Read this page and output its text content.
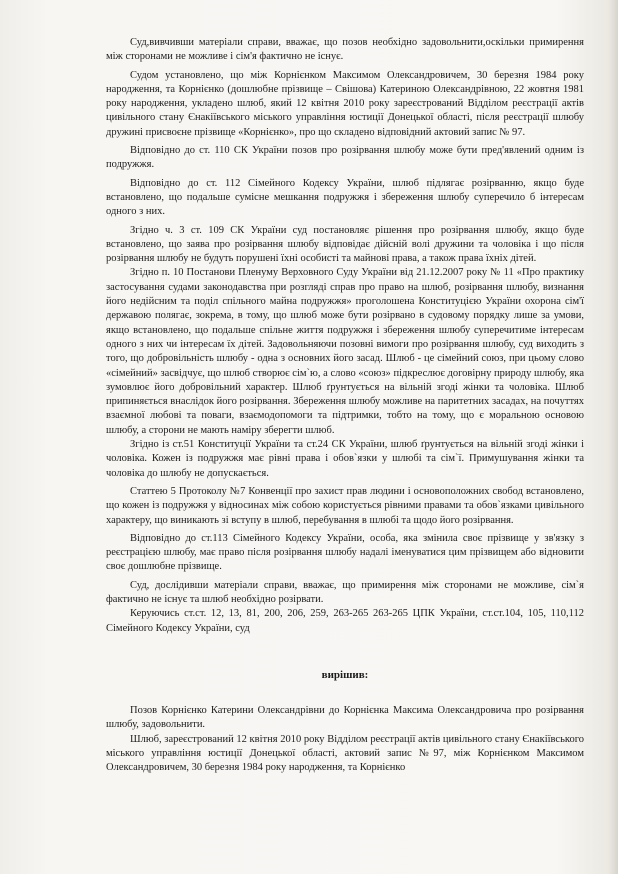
Суд,вивчивши матеріали справи, вважає, що позов необхідно задовольнити,оскільки примирення між сторонами не можливе і сім'я фактично не існує.

Судом установлено, що між Корнієнком Максимом Олександровичем, 30 березня 1984 року народження, та Корнієнко (дошлюбне прізвище – Свішова) Катериною Олександрівною, 22 жовтня 1981 року народження, укладено шлюб, який 12 квітня 2010 року зареєстрований Відділом реєстрації актів цивільного стану Єнакіївського міського управління юстиції Донецької області, після реєстрації шлюбу дружині присвоєне прізвище «Корнієнко», про що складено відповідний актовий запис № 97.

Відповідно до ст. 110 СК України позов про розірвання шлюбу може бути пред'явлений одним із подружжя.

Відповідно до ст. 112 Сімейного Кодексу України, шлюб підлягає розірванню, якщо буде встановлено, що подальше сумісне мешкання подружжя і збереження шлюбу суперечило б інтересам одного з них.

Згідно ч. 3 ст. 109 СК України суд постановляє рішення про розірвання шлюбу, якщо буде встановлено, що заява про розірвання шлюбу відповідає дійсній волі дружини та чоловіка і що після розірвання шлюбу не будуть порушені їхні особисті та майнові права, а також права їхніх дітей.

Згідно п. 10 Постанови Пленуму Верховного Суду України від 21.12.2007 року № 11 «Про практику застосування судами законодавства при розгляді справ про право на шлюб, розірвання шлюбу, визнання його недійсним та поділ спільного майна подружжя» проголошена Конституцією України охорона сім'ї державою полягає, зокрема, в тому, що шлюб може бути розірвано в судовому порядку лише за умови, якщо встановлено, що подальше спільне життя подружжя і збереження шлюбу суперечитиме інтересам одного з них чи інтересам їх дітей. Задовольняючи позовні вимоги про розірвання шлюбу, суд виходить з того, що добровільність шлюбу - одна з основних його засад. Шлюб - це сімейний союз, при цьому слово «сімейний» засвідчує, що шлюб створює сім`ю, а слово «союз» підкреслює договірну природу шлюбу, яка зумовлює його добровільний характер. Шлюб ґрунтується на вільній згоді жінки та чоловіка. Шлюб припиняється внаслідок його розірвання. Збереження шлюбу можливе на паритетних засадах, на почуттях взаємної любові та поваги, взаємодопомоги та підтримки, тобто на тому, що є моральною основою шлюбу, а сторони не мають наміру зберегти шлюб.

Згідно із ст.51 Конституції України та ст.24 СК України, шлюб ґрунтується на вільній згоді жінки і чоловіка. Кожен із подружжя має рівні права і обов`язки у шлюбі та сім`ї. Примушування жінки та чоловіка до шлюбу не допускається.

Статтею 5 Протоколу №7 Конвенції про захист прав людини і основоположних свобод встановлено, що кожен із подружжя у відносинах між собою користується рівними правами та обов`язками цивільного характеру, що виникають зі вступу в шлюб, перебування в шлюбі та щодо його розірвання.

Відповідно до ст.113 Сімейного Кодексу України, особа, яка змінила своє прізвище у зв'язку з реєстрацією шлюбу, має право після розірвання шлюбу надалі іменуватися цим прізвищем або відновити своє дошлюбне прізвище.

Суд, дослідивши матеріали справи, вважає, що примирення між сторонами не можливе, сім`я фактично не існує та шлюб необхідно розірвати.

Керуючись ст.ст. 12, 13, 81, 200, 206, 259, 263-265 263-265 ЦПК України, ст.ст.104, 105, 110,112 Сімейного Кодексу України, суд

вирішив:

Позов Корнієнко Катерини Олександрівни до Корнієнка Максима Олександровича про розірвання шлюбу, задовольнити.

Шлюб, зареєстрований 12 квітня 2010 року Відділом реєстрації актів цивільного стану Єнакіївського міського управління юстиції Донецької області, актовий запис №97, між Корнієнком Максимом Олександровичем, 30 березня 1984 року народження, та Корнієнко
